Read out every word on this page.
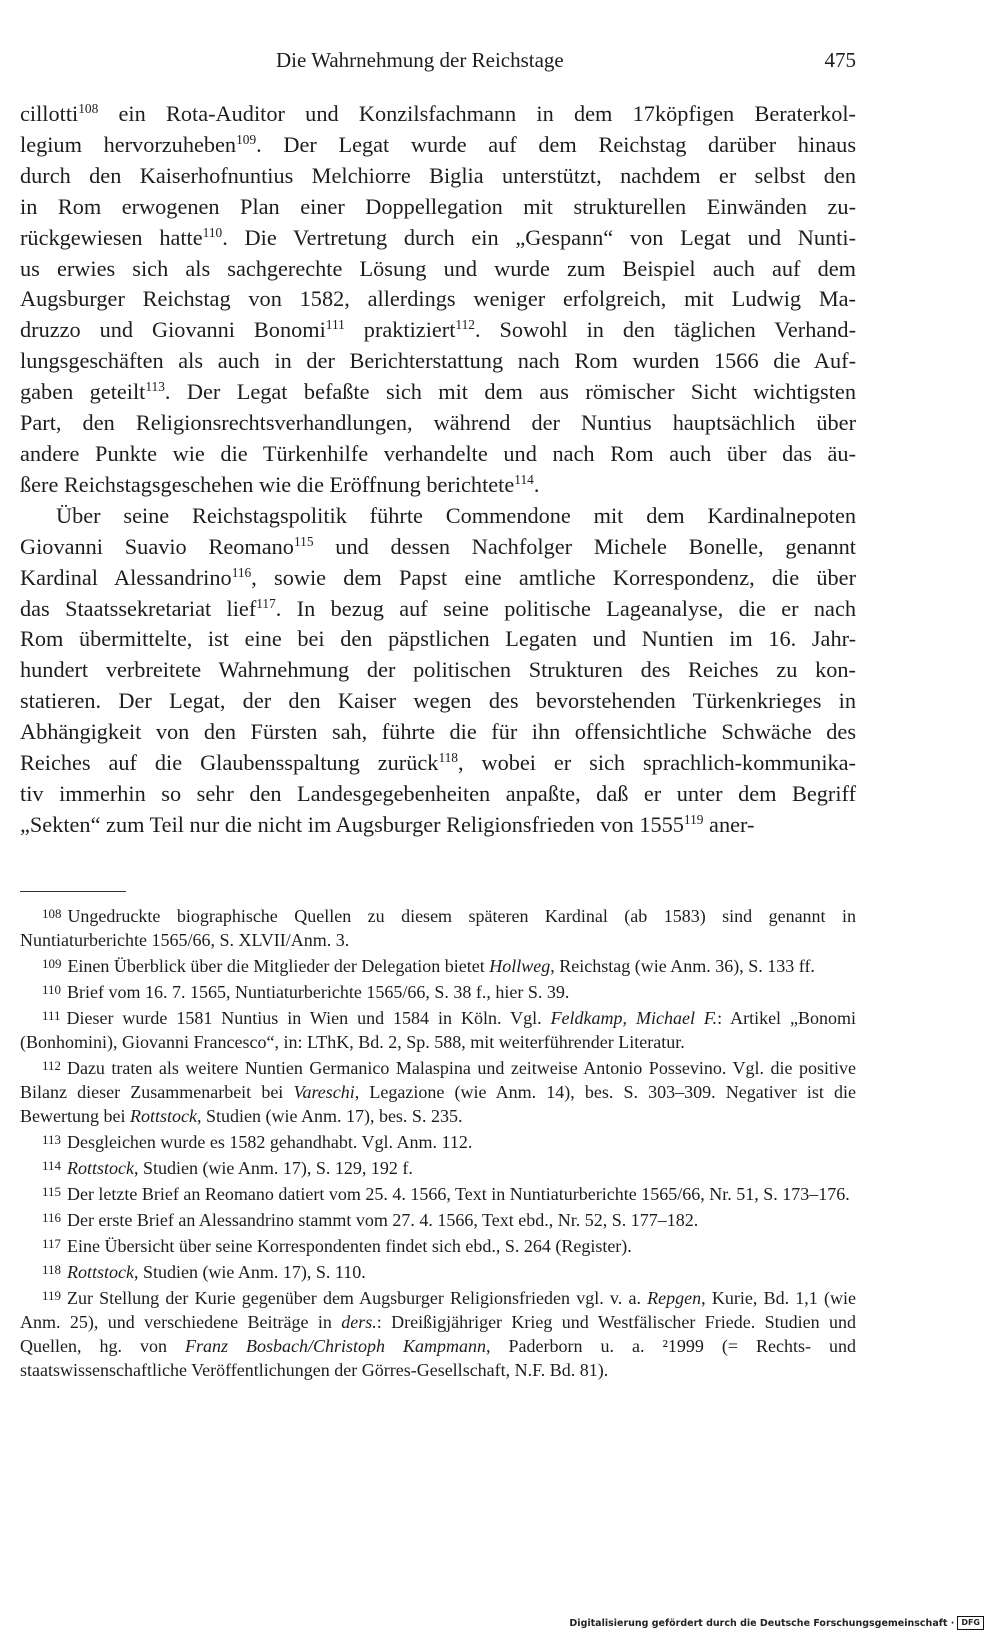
Die Wahrnehmung der Reichstage	475
cillotti$^{108}$ ein Rota-Auditor und Konzilsfachmann in dem 17köpfigen Beraterkol-
legium hervorzuheben$^{109}$. Der Legat wurde auf dem Reichstag darüber hinaus
durch den Kaiserhofnuntius Melchiorre Biglia unterstützt, nachdem er selbst den
in Rom erwogenen Plan einer Doppellegation mit strukturellen Einwänden zu-
rückgewiesen hatte$^{110}$. Die Vertretung durch ein „Gespann“ von Legat und Nunti-
us erwies sich als sachgerechte Lösung und wurde zum Beispiel auch auf dem
Augsburger Reichstag von 1582, allerdings weniger erfolgreich, mit Ludwig Ma-
druzzo und Giovanni Bonomi$^{111}$ praktiziert$^{112}$. Sowohl in den täglichen Verhand-
lungsgeschäften als auch in der Berichterstattung nach Rom wurden 1566 die Auf-
gaben geteilt$^{113}$. Der Legat befaßte sich mit dem aus römischer Sicht wichtigsten
Part, den Religionsrechtsverhandlungen, während der Nuntius hauptsächlich über
andere Punkte wie die Türkenhilfe verhandelte und nach Rom auch über das äu-
ßere Reichstagsgeschehen wie die Eröffnung berichtete$^{114}$.
Über seine Reichstagspolitik führte Commendone mit dem Kardinalnepoten
Giovanni Suavio Reomano$^{115}$ und dessen Nachfolger Michele Bonelle, genannt
Kardinal Alessandrino$^{116}$, sowie dem Papst eine amtliche Korrespondenz, die über
das Staatssekretariat lief$^{117}$. In bezug auf seine politische Lageanalyse, die er nach
Rom übermittelte, ist eine bei den päpstlichen Legaten und Nuntien im 16. Jahr-
hundert verbreitete Wahrnehmung der politischen Strukturen des Reiches zu kon-
statieren. Der Legat, der den Kaiser wegen des bevorstehenden Türkenkrieges in
Abhängigkeit von den Fürsten sah, führte die für ihn offensichtliche Schwäche des
Reiches auf die Glaubensspaltung zurück$^{118}$, wobei er sich sprachlich-kommunika-
tiv immerhin so sehr den Landesgegebenheiten anpaßte, daß er unter dem Begriff
„Sekten“ zum Teil nur die nicht im Augsburger Religionsfrieden von 1555$^{119}$ aner-
$^{108}$ Ungedruckte biographische Quellen zu diesem späteren Kardinal (ab 1583) sind genannt in Nuntiaturberichte 1565/66, S. XLVII/Anm. 3.
$^{109}$ Einen Überblick über die Mitglieder der Delegation bietet Hollweg, Reichstag (wie Anm. 36), S. 133 ff.
$^{110}$ Brief vom 16. 7. 1565, Nuntiaturberichte 1565/66, S. 38 f., hier S. 39.
$^{111}$ Dieser wurde 1581 Nuntius in Wien und 1584 in Köln. Vgl. Feldkamp, Michael F.: Artikel „Bonomi (Bonhomini), Giovanni Francesco“, in: LThK, Bd. 2, Sp. 588, mit weiterführender Literatur.
$^{112}$ Dazu traten als weitere Nuntien Germanico Malaspina und zeitweise Antonio Possevino. Vgl. die positive Bilanz dieser Zusammenarbeit bei Vareschi, Legazione (wie Anm. 14), bes. S. 303–309. Negativer ist die Bewertung bei Rottstock, Studien (wie Anm. 17), bes. S. 235.
$^{113}$ Desgleichen wurde es 1582 gehandhabt. Vgl. Anm. 112.
$^{114}$ Rottstock, Studien (wie Anm. 17), S. 129, 192 f.
$^{115}$ Der letzte Brief an Reomano datiert vom 25. 4. 1566, Text in Nuntiaturberichte 1565/66, Nr. 51, S. 173–176.
$^{116}$ Der erste Brief an Alessandrino stammt vom 27. 4. 1566, Text ebd., Nr. 52, S. 177–182.
$^{117}$ Eine Übersicht über seine Korrespondenten findet sich ebd., S. 264 (Register).
$^{118}$ Rottstock, Studien (wie Anm. 17), S. 110.
$^{119}$ Zur Stellung der Kurie gegenüber dem Augsburger Religionsfrieden vgl. v. a. Repgen, Kurie, Bd. 1,1 (wie Anm. 25), und verschiedene Beiträge in ders.: Dreißigjähriger Krieg und Westfälischer Friede. Studien und Quellen, hg. von Franz Bosbach/Christoph Kampmann, Paderborn u. a. ²1999 (= Rechts- und staatswissenschaftliche Veröffentlichungen der Görres-Gesellschaft, N.F. Bd. 81).
Digitalisierung gefördert durch die Deutsche Forschungsgemeinschaft · DFG
